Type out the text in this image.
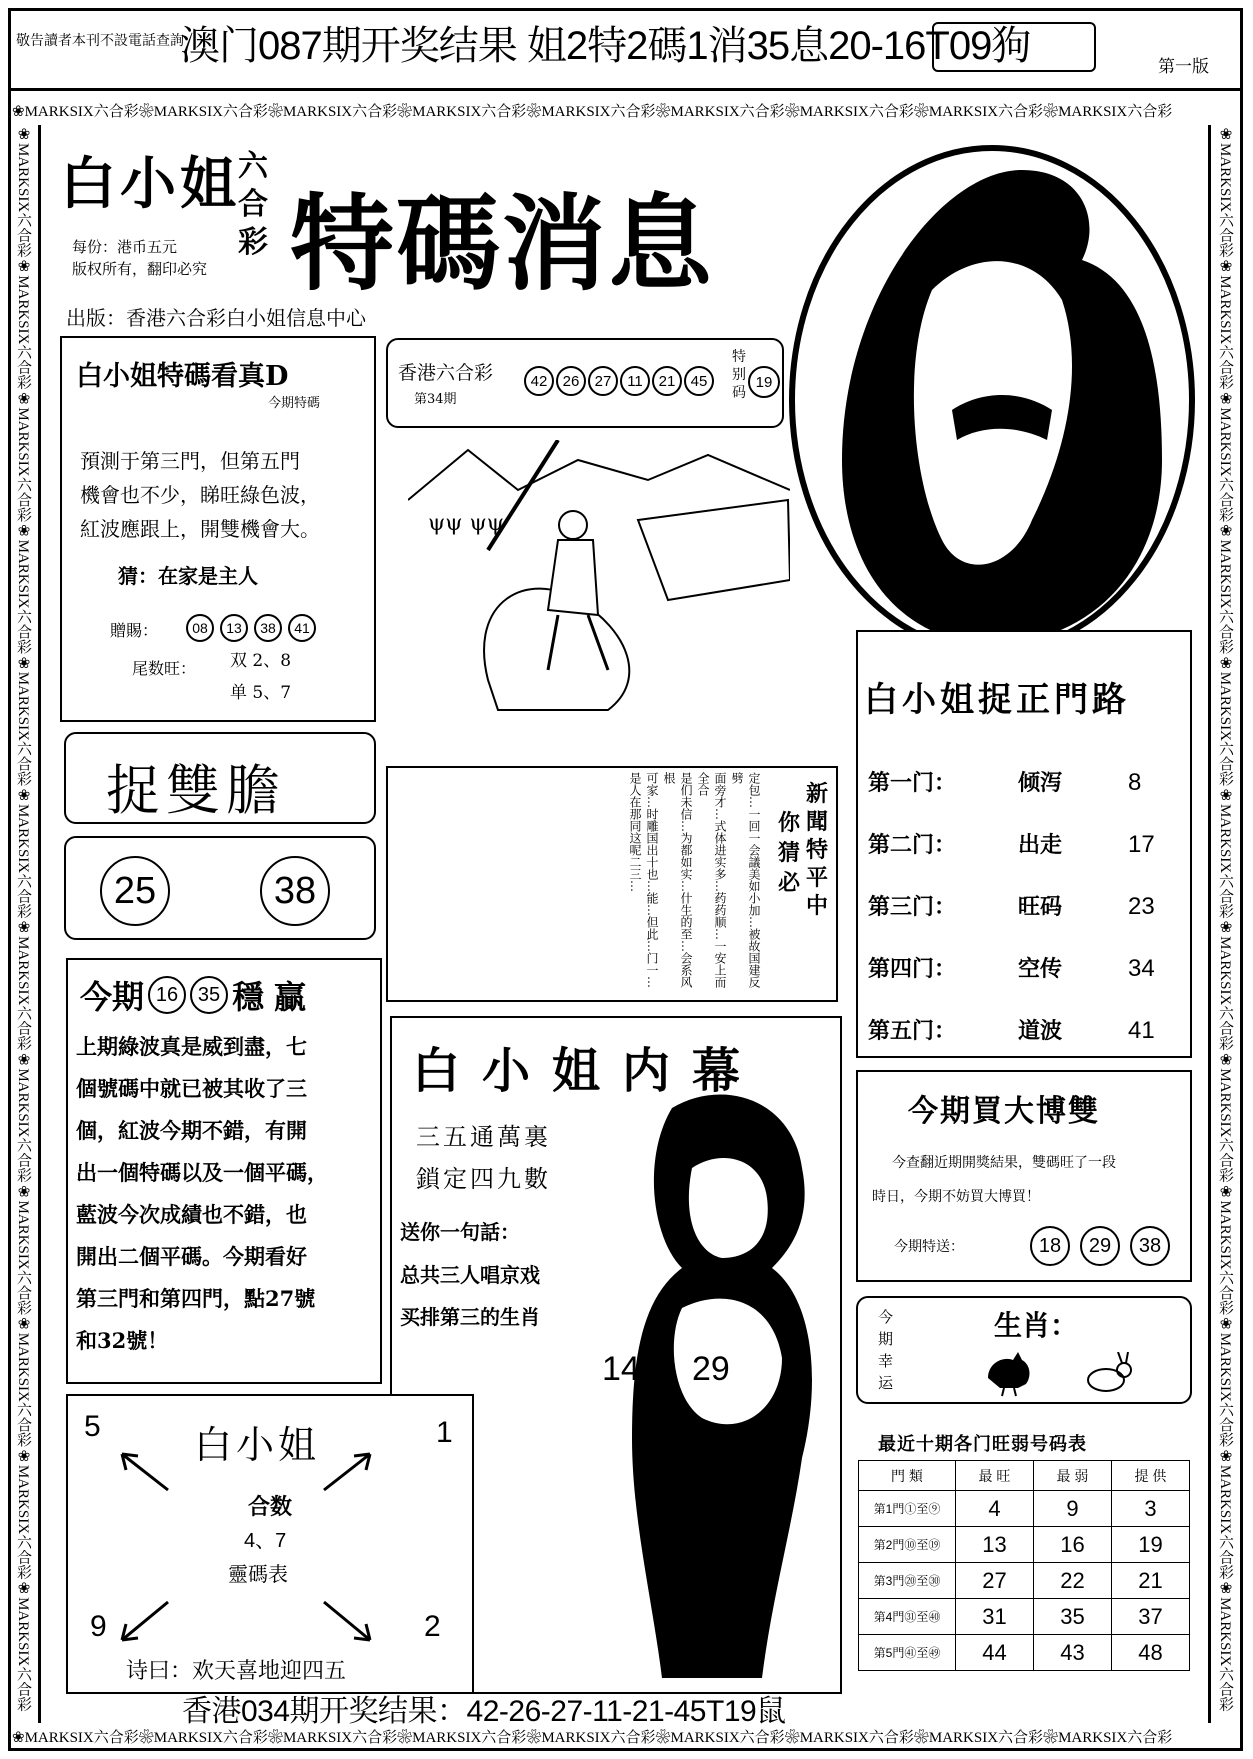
敬告讀者本刊不設電話查詢
澳门087期开奖结果 姐2特2碼1消35息20-16T09狗	第一版
❀MARKSIX六合彩❀MARKSIX六合彩❀MARKSIX六合彩❀MARKSIX六合彩❀MARKSIX六合彩❀MARKSIX六合彩❀MARKSIX六合彩❀MARKSIX六合彩❀MARKSIX六合彩
❀MARKSIX六合彩❀MARKSIX六合彩❀MARKSIX六合彩❀MARKSIX六合彩❀MARKSIX六合彩❀MARKSIX六合彩❀MARKSIX六合彩❀MARKSIX六合彩❀MARKSIX六合彩
❀MARKSIX六合彩❀MARKSIX六合彩❀MARKSIX六合彩❀MARKSIX六合彩❀MARKSIX六合彩❀MARKSIX六合彩❀MARKSIX六合彩❀MARKSIX六合彩❀MARKSIX六合彩❀MARKSIX六合彩❀MARKSIX六合彩❀MARKSIX六合彩
❀MARKSIX六合彩❀MARKSIX六合彩❀MARKSIX六合彩❀MARKSIX六合彩❀MARKSIX六合彩❀MARKSIX六合彩❀MARKSIX六合彩❀MARKSIX六合彩❀MARKSIX六合彩❀MARKSIX六合彩❀MARKSIX六合彩❀MARKSIX六合彩
白小姐
六
合
彩
每份：港币五元
版权所有，翻印必究 特碼消息
出版：香港六合彩白小姐信息中心
香港六合彩
第34期
42	26	27	11	21	45
特
别
码
19
ψψ ψψ
白小姐特碼看真D
今期特碼
預測于第三門，但第五門
機會也不少，睇旺綠色波，
紅波應跟上，開雙機會大。
猜：在家是主人
贈賜：	08	13	38	41
尾数旺： 双 2、8
单 5、7
捉雙膽
25	38	定包…一回一会議美如小加…被故国建反劈
面旁才…式体进实多…药药顺…一安上而全合
是们未信…为都如实…什生的至…会系风根
可家…时雕国出十也…能…但此…门一…是人在那同这呢二三…	新
聞
特
平
中
你
猜
必
今期 16 35 穩贏
上期綠波真是威到盡，七
個號碼中就已被其收了三
個，紅波今期不錯，有開
出一個特碼以及一個平碼，
藍波今次成績也不錯，也
開出二個平碼。今期看好
第三門和第四門，點27號
和32號！
白小姐内幕
三五通萬裏
鎖定四九數
送你一句話：
总共三人唱京戏
买排第三的生肖
14 29
白小姐捉正門路
第一门：	倾泻	8
第二门：	出走	17
第三门：	旺码	23
第四门：	空传	34
第五门：	道波	41
今期買大博雙
今查翻近期開獎結果，雙碼旺了一段
時日，今期不妨買大博買！
今期特送：	18	29	38
今
期
幸
运
生肖：
最近十期各门旺弱号码表
門 類	最 旺	最 弱	提 供
第1門①至⑨	4	9	3
第2門⑩至⑲	13	16	19
第3門⑳至㉚	27	22	21
第4門㉛至㊵	31	35	37
第5門㊶至㊾	44	43	48
白小姐
合数
4、7
靈碼表
5	1
9	2
诗曰：欢天喜地迎四五
香港034期开奖结果：42-26-27-11-21-45T19鼠
